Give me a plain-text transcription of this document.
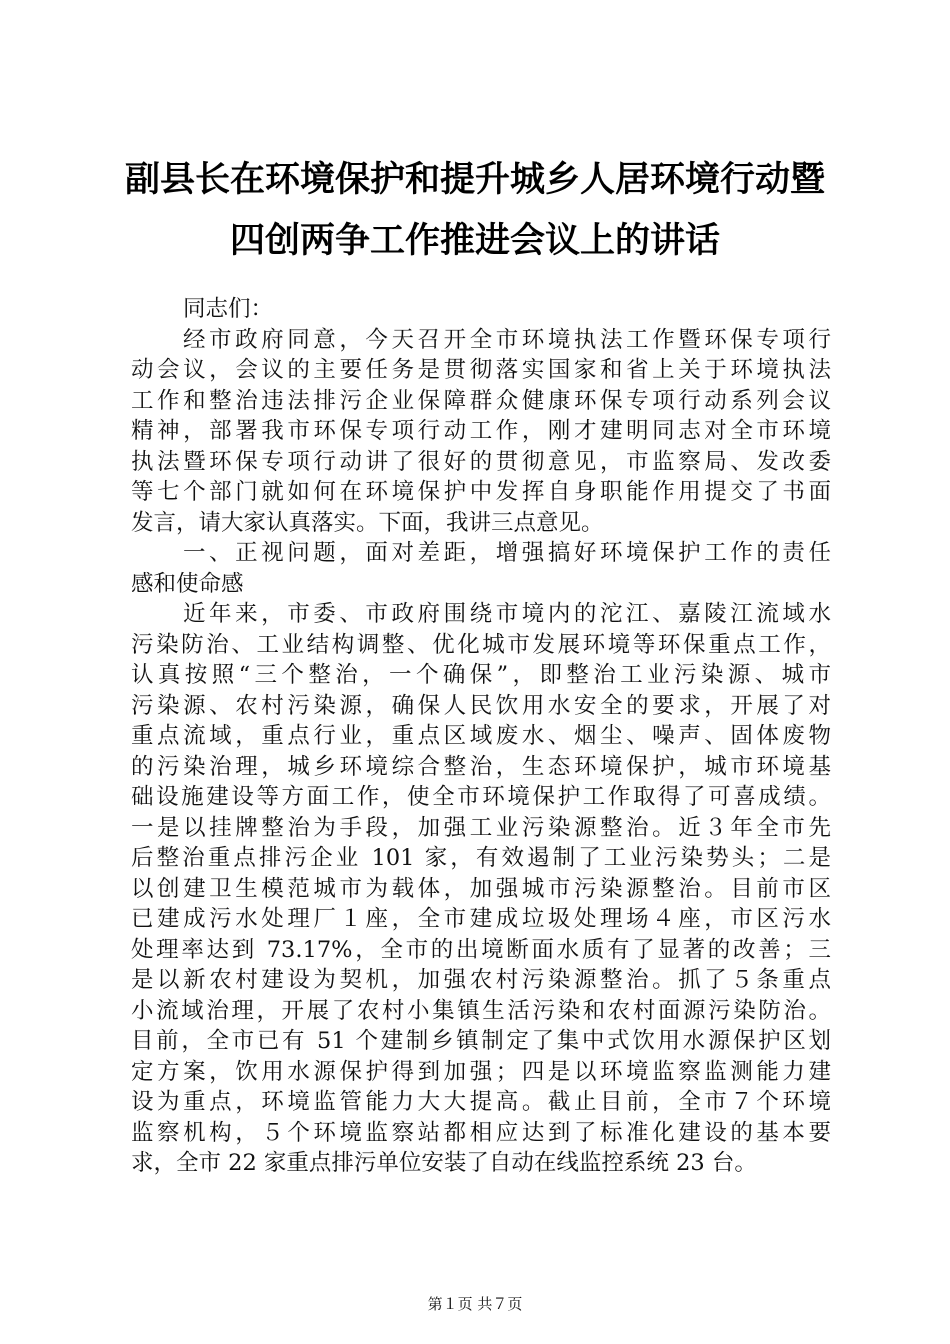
副县长在环境保护和提升城乡人居环境行动暨
四创两争工作推进会议上的讲话
同志们：
经市政府同意，今天召开全市环境执法工作暨环保专项行
动会议，会议的主要任务是贯彻落实国家和省上关于环境执法
工作和整治违法排污企业保障群众健康环保专项行动系列会议
精神，部署我市环保专项行动工作，刚才建明同志对全市环境
执法暨环保专项行动讲了很好的贯彻意见，市监察局、发改委
等七个部门就如何在环境保护中发挥自身职能作用提交了书面
发言，请大家认真落实。下面，我讲三点意见。
一、正视问题，面对差距，增强搞好环境保护工作的责任
感和使命感
近年来，市委、市政府围绕市境内的沱江、嘉陵江流域水
污染防治、工业结构调整、优化城市发展环境等环保重点工作，
认真按照“三个整治，一个确保”，即整治工业污染源、城市
污染源、农村污染源，确保人民饮用水安全的要求，开展了对
重点流域，重点行业，重点区域废水、烟尘、噪声、固体废物
的污染治理，城乡环境综合整治，生态环境保护，城市环境基
础设施建设等方面工作，使全市环境保护工作取得了可喜成绩。
一是以挂牌整治为手段，加强工业污染源整治。近３年全市先
后整治重点排污企业 101 家，有效遏制了工业污染势头；二是
以创建卫生模范城市为载体，加强城市污染源整治。目前市区
已建成污水处理厂１座，全市建成垃圾处理场４座，市区污水
处理率达到 73.17%，全市的出境断面水质有了显著的改善；三
是以新农村建设为契机，加强农村污染源整治。抓了５条重点
小流域治理，开展了农村小集镇生活污染和农村面源污染防治。
目前，全市已有 51 个建制乡镇制定了集中式饮用水源保护区划
定方案，饮用水源保护得到加强；四是以环境监察监测能力建
设为重点，环境监管能力大大提高。截止目前，全市７个环境
监察机构，５个环境监察站都相应达到了标准化建设的基本要
求，全市 22 家重点排污单位安装了自动在线监控系统 23 台。
第１页 共７页
